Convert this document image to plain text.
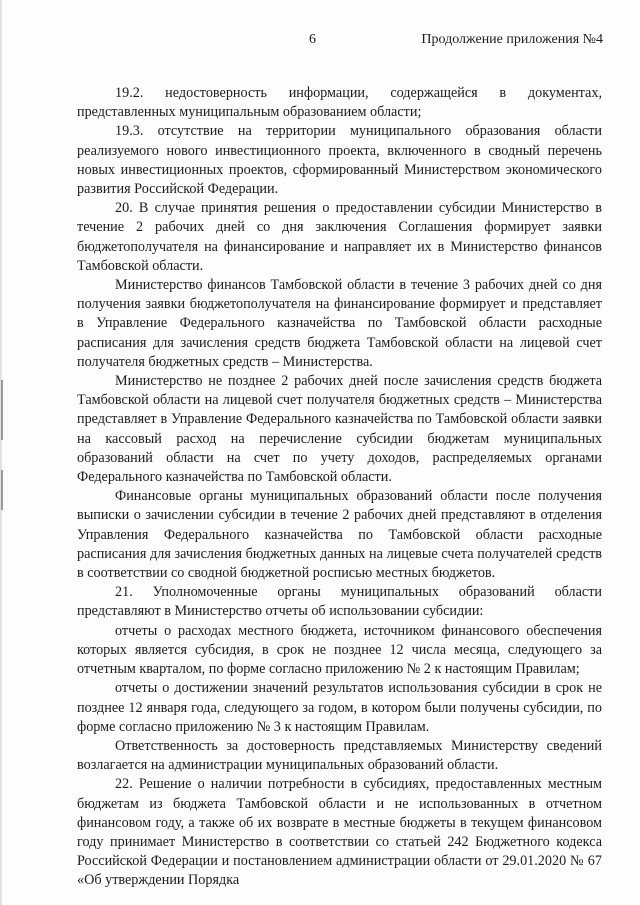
6	Продолжение приложения №4

19.2. недостоверность информации, содержащейся в документах, представленных муниципальным образованием области;

19.3. отсутствие на территории муниципального образования области реализуемого нового инвестиционного проекта, включенного в сводный перечень новых инвестиционных проектов, сформированный Министерством экономического развития Российской Федерации.

20. В случае принятия решения о предоставлении субсидии Министерство в течение 2 рабочих дней со дня заключения Соглашения формирует заявки бюджетополучателя на финансирование и направляет их в Министерство финансов Тамбовской области.

Министерство финансов Тамбовской области в течение 3 рабочих дней со дня получения заявки бюджетополучателя на финансирование формирует и представляет в Управление Федерального казначейства по Тамбовской области расходные расписания для зачисления средств бюджета Тамбовской области на лицевой счет получателя бюджетных средств – Министерства.

Министерство не позднее 2 рабочих дней после зачисления средств бюджета Тамбовской области на лицевой счет получателя бюджетных средств – Министерства представляет в Управление Федерального казначейства по Тамбовской области заявки на кассовый расход на перечисление субсидии бюджетам муниципальных образований области на счет по учету доходов, распределяемых органами Федерального казначейства по Тамбовской области.

Финансовые органы муниципальных образований области после получения выписки о зачислении субсидии в течение 2 рабочих дней представляют в отделения Управления Федерального казначейства по Тамбовской области расходные расписания для зачисления бюджетных данных на лицевые счета получателей средств в соответствии со сводной бюджетной росписью местных бюджетов.

21. Уполномоченные органы муниципальных образований области представляют в Министерство отчеты об использовании субсидии:

отчеты о расходах местного бюджета, источником финансового обеспечения которых является субсидия, в срок не позднее 12 числа месяца, следующего за отчетным кварталом, по форме согласно приложению № 2 к настоящим Правилам;

отчеты о достижении значений результатов использования субсидии в срок не позднее 12 января года, следующего за годом, в котором были получены субсидии, по форме согласно приложению № 3 к настоящим Правилам.

Ответственность за достоверность представляемых Министерству сведений возлагается на администрации муниципальных образований области.

22. Решение о наличии потребности в субсидиях, предоставленных местным бюджетам из бюджета Тамбовской области и не использованных в отчетном финансовом году, а также об их возврате в местные бюджеты в текущем финансовом году принимает Министерство в соответствии со статьей 242 Бюджетного кодекса Российской Федерации и постановлением администрации области от 29.01.2020 № 67 «Об утверждении Порядка
